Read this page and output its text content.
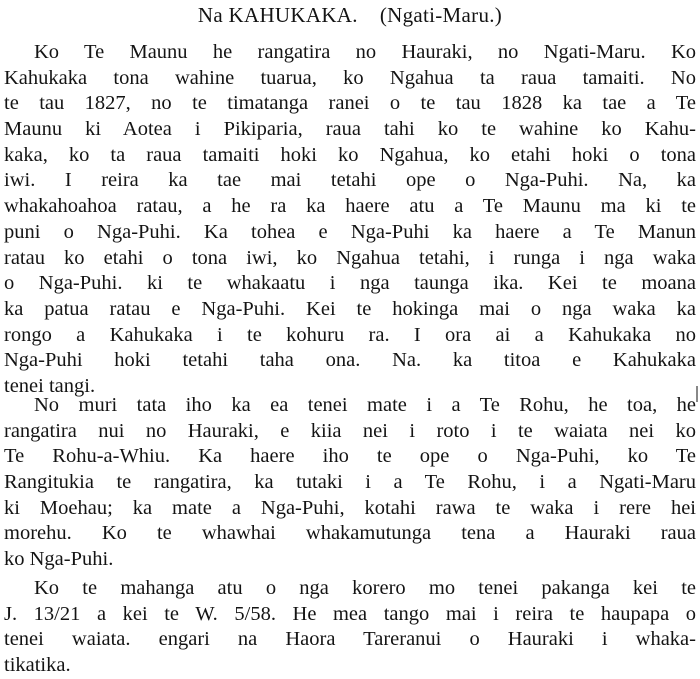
Na KAHUKAKA. (Ngati-Maru.)
Ko Te Maunu he rangatira no Hauraki, no Ngati-Maru. Ko
Kahukaka tona wahine tuarua, ko Ngahua ta raua tamaiti. No
te tau 1827, no te timatanga ranei o te tau 1828 ka tae a Te
Maunu ki Aotea i Pikiparia, raua tahi ko te wahine ko Kahu-
kaka, ko ta raua tamaiti hoki ko Ngahua, ko etahi hoki o tona
iwi. I reira ka tae mai tetahi ope o Nga-Puhi. Na, ka
whakahoahoa ratau, a he ra ka haere atu a Te Maunu ma ki te
puni o Nga-Puhi. Ka tohea e Nga-Puhi ka haere a Te Manun
ratau ko etahi o tona iwi, ko Ngahua tetahi, i runga i nga waka
o Nga-Puhi. ki te whakaatu i nga taunga ika. Kei te moana
ka patua ratau e Nga-Puhi. Kei te hokinga mai o nga waka ka
rongo a Kahukaka i te kohuru ra. I ora ai a Kahukaka no
Nga-Puhi hoki tetahi taha ona. Na. ka titoa e Kahukaka
tenei tangi.
No muri tata iho ka ea tenei mate i a Te Rohu, he toa, he
rangatira nui no Hauraki, e kiia nei i roto i te waiata nei ko
Te Rohu-a-Whiu. Ka haere iho te ope o Nga-Puhi, ko Te
Rangitukia te rangatira, ka tutaki i a Te Rohu, i a Ngati-Maru
ki Moehau; ka mate a Nga-Puhi, kotahi rawa te waka i rere hei
morehu. Ko te whawhai whakamutunga tena a Hauraki raua
ko Nga-Puhi.
Ko te mahanga atu o nga korero mo tenei pakanga kei te
J. 13/21 a kei te W. 5/58. He mea tango mai i reira te haupapa o
tenei waiata. engari na Haora Tareranui o Hauraki i whaka-
tikatika.
